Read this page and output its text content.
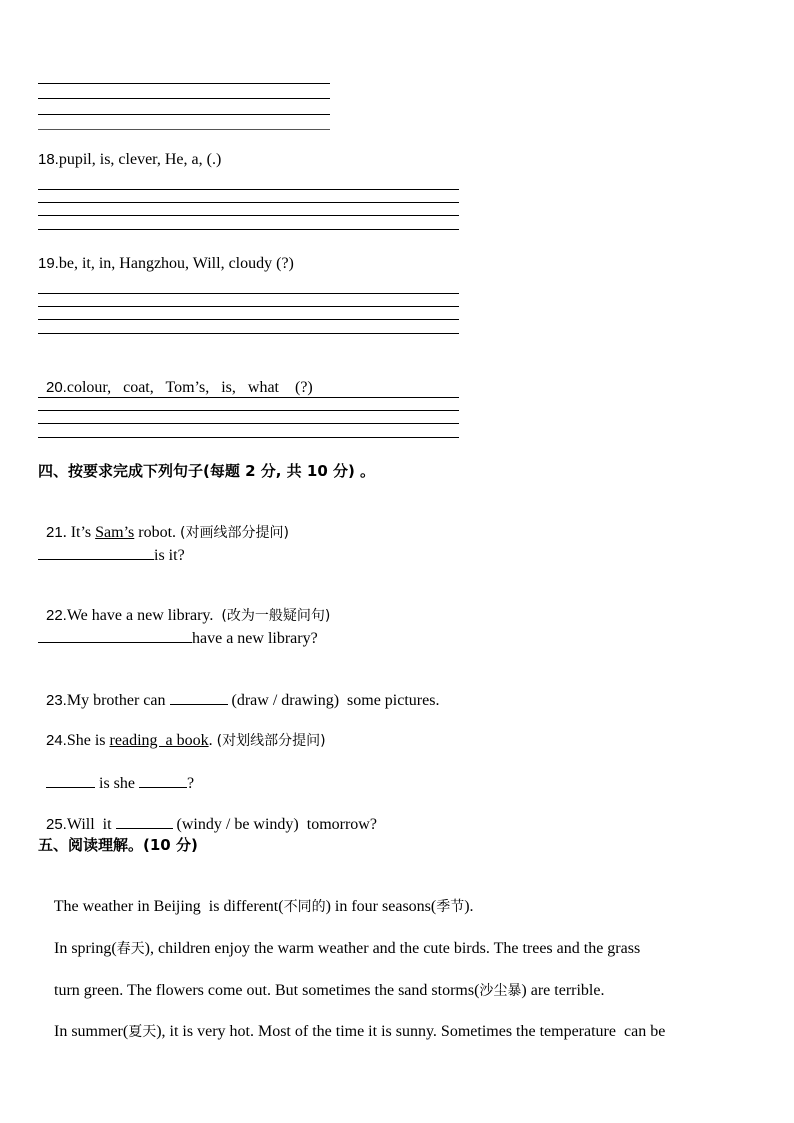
18.pupil, is, clever, He, a, (.)
19.be, it, in, Hangzhou, Will, cloudy (?)

20.colour,   coat,   Tom’s,   is,   what    (?)

四、按要求完成下列句子(每题 2 分, 共 10 分) 。

21. It’s Sam’s robot. (对画线部分提问)

is it?

22.We have a new library.  (改为一般疑问句)

have a new library?

23.My brother can	(draw / drawing)  some pictures.

24.She is reading  a book. (对划线部分提问)

is she	?

25.Will  it	(windy / be windy)  tomorrow?

五、阅读理解。(10 分)

The weather in Beijing  is different(不同的) in four seasons(季节).

In spring(春天), children enjoy the warm weather and the cute birds. The trees and the grass

turn green. The flowers come out. But sometimes the sand storms(沙尘暴) are terrible.

In summer(夏天), it is very hot. Most of the time it is sunny. Sometimes the temperature  can be
